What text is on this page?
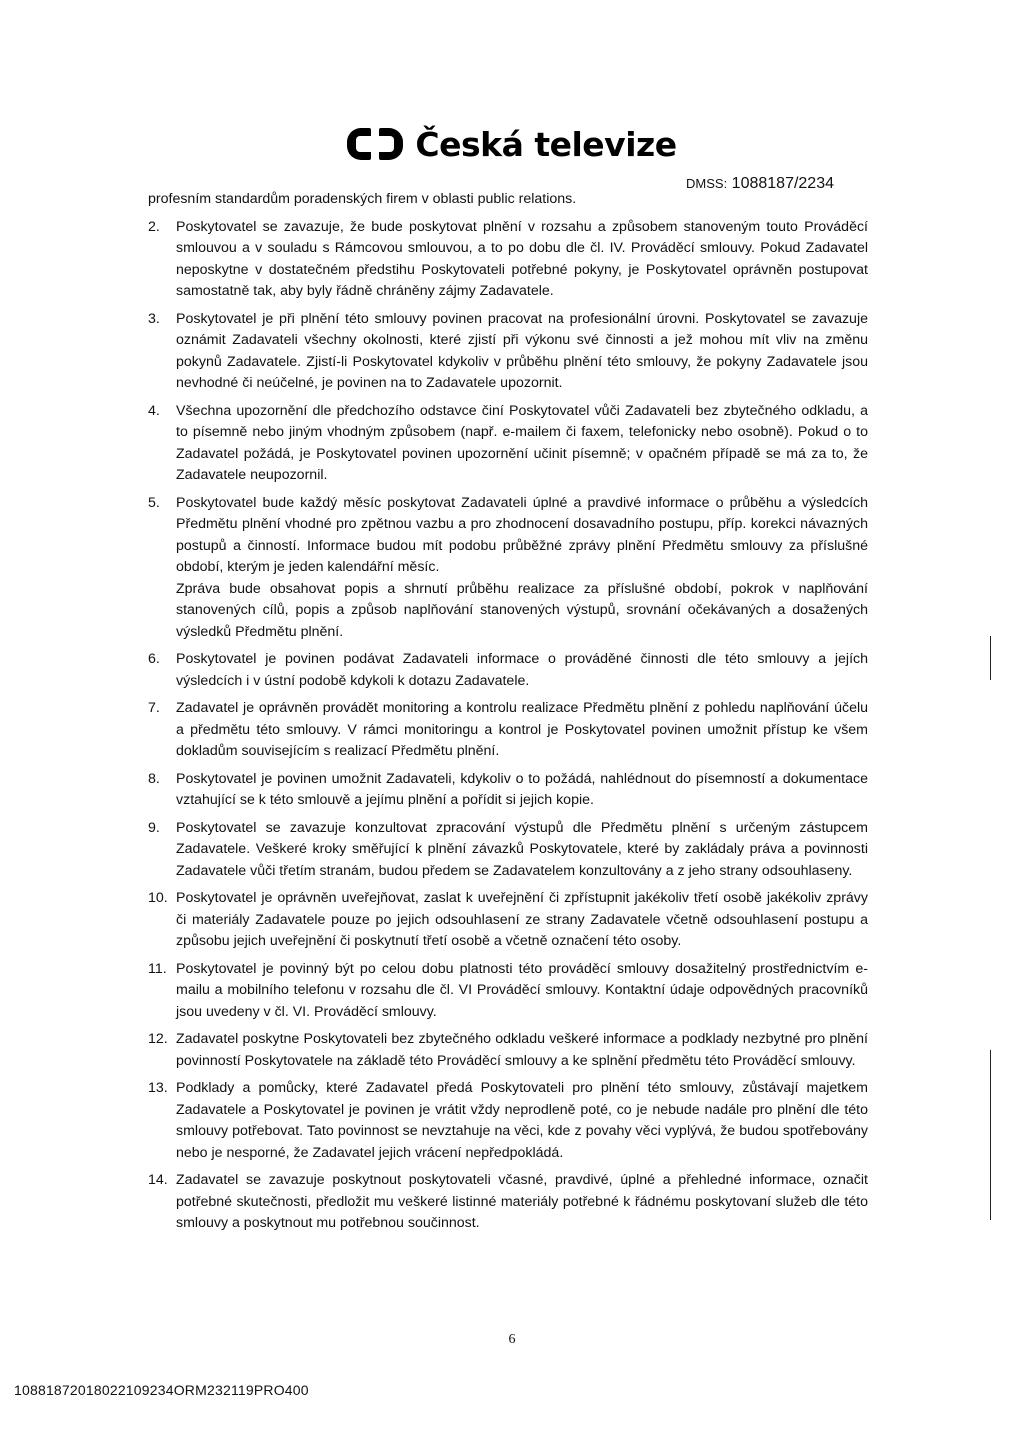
Česká televize
DMSS: 1088187/2234

profesním standardům poradenských firem v oblasti public relations.

2.	Poskytovatel se zavazuje, že bude poskytovat plnění v rozsahu a způsobem stanoveným touto Prováděcí smlouvou a v souladu s Rámcovou smlouvou, a to po dobu dle čl. IV. Prováděcí smlouvy. Pokud Zadavatel neposkytne v dostatečném předstihu Poskytovateli potřebné pokyny, je Poskytovatel oprávněn postupovat samostatně tak, aby byly řádně chráněny zájmy Zadavatele.

3.	Poskytovatel je při plnění této smlouvy povinen pracovat na profesionální úrovni. Poskytovatel se zavazuje oznámit Zadavateli všechny okolnosti, které zjistí při výkonu své činnosti a jež mohou mít vliv na změnu pokynů Zadavatele. Zjistí-li Poskytovatel kdykoliv v průběhu plnění této smlouvy, že pokyny Zadavatele jsou nevhodné či neúčelné, je povinen na to Zadavatele upozornit.

4.	Všechna upozornění dle předchozího odstavce činí Poskytovatel vůči Zadavateli bez zbytečného odkladu, a to písemně nebo jiným vhodným způsobem (např. e-mailem či faxem, telefonicky nebo osobně). Pokud o to Zadavatel požádá, je Poskytovatel povinen upozornění učinit písemně; v opačném případě se má za to, že Zadavatele neupozornil.

5.	Poskytovatel bude každý měsíc poskytovat Zadavateli úplné a pravdivé informace o průběhu a výsledcích Předmětu plnění vhodné pro zpětnou vazbu a pro zhodnocení dosavadního postupu, příp. korekci návazných postupů a činností. Informace budou mít podobu průběžné zprávy plnění Předmětu smlouvy za příslušné období, kterým je jeden kalendářní měsíc.

Zpráva bude obsahovat popis a shrnutí průběhu realizace za příslušné období, pokrok v naplňování stanovených cílů, popis a způsob naplňování stanovených výstupů, srovnání očekávaných a dosažených výsledků Předmětu plnění.

6.	Poskytovatel je povinen podávat Zadavateli informace o prováděné činnosti dle této smlouvy a jejích výsledcích i v ústní podobě kdykoli k dotazu Zadavatele.

7.	Zadavatel je oprávněn provádět monitoring a kontrolu realizace Předmětu plnění z pohledu naplňování účelu a předmětu této smlouvy. V rámci monitoringu a kontrol je Poskytovatel povinen umožnit přístup ke všem dokladům souvisejícím s realizací Předmětu plnění.

8.	Poskytovatel je povinen umožnit Zadavateli, kdykoliv o to požádá, nahlédnout do písemností a dokumentace vztahující se k této smlouvě a jejímu plnění a pořídit si jejich kopie.

9.	Poskytovatel se zavazuje konzultovat zpracování výstupů dle Předmětu plnění s určeným zástupcem Zadavatele. Veškeré kroky směřující k plnění závazků Poskytovatele, které by zakládaly práva a povinnosti Zadavatele vůči třetím stranám, budou předem se Zadavatelem konzultovány a z jeho strany odsouhlaseny.

10. Poskytovatel je oprávněn uveřejňovat, zaslat k uveřejnění či zpřístupnit jakékoliv třetí osobě jakékoliv zprávy či materiály Zadavatele pouze po jejich odsouhlasení ze strany Zadavatele včetně odsouhlasení postupu a způsobu jejich uveřejnění či poskytnutí třetí osobě a včetně označení této osoby.

11. Poskytovatel je povinný být po celou dobu platnosti této prováděcí smlouvy dosažitelný prostřednictvím e-mailu a mobilního telefonu v rozsahu dle čl. VI Prováděcí smlouvy. Kontaktní údaje odpovědných pracovníků jsou uvedeny v čl. VI. Prováděcí smlouvy.

12. Zadavatel poskytne Poskytovateli bez zbytečného odkladu veškeré informace a podklady nezbytné pro plnění povinností Poskytovatele na základě této Prováděcí smlouvy a ke splnění předmětu této Prováděcí smlouvy.

13. Podklady a pomůcky, které Zadavatel předá Poskytovateli pro plnění této smlouvy, zůstávají majetkem Zadavatele a Poskytovatel je povinen je vrátit vždy neprodleně poté, co je nebude nadále pro plnění dle této smlouvy potřebovat. Tato povinnost se nevztahuje na věci, kde z povahy věci vyplývá, že budou spotřebovány nebo je nesporné, že Zadavatel jejich vrácení nepředpokládá.

14. Zadavatel se zavazuje poskytnout poskytovateli včasné, pravdivé, úplné a přehledné informace, označit potřebné skutečnosti, předložit mu veškeré listinné materiály potřebné k řádnému poskytovaní služeb dle této smlouvy a poskytnout mu potřebnou součinnost.

6
10881872018022109234ORM232119PRO400
